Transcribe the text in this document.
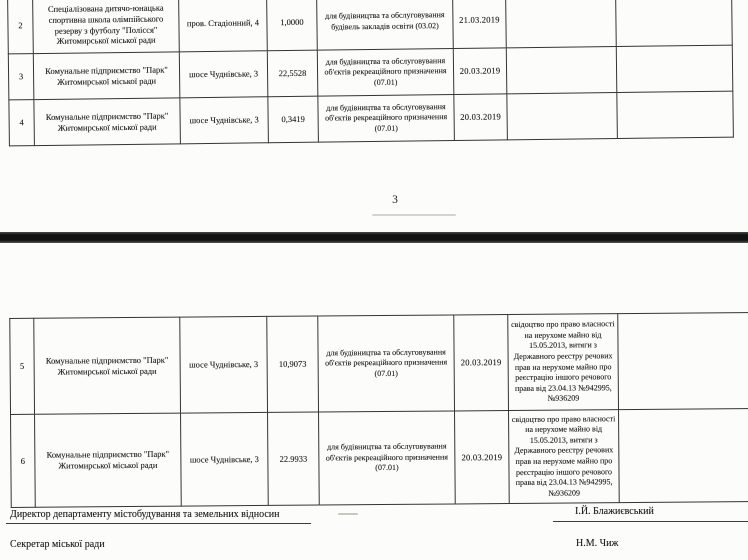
2	Спеціалізована дитячо-юнацька спортивна школа олімпійського резерву з футболу "Полісся" Житомирської міської ради	пров. Стадіонний, 4	1,0000	для будівництва та обслуговування будівель закладів освіти (03.02)	21.03.2019		
3	Комунальне підприємство "Парк" Житомирської міської ради	шосе Чуднівське, 3	22,5528	для будівництва та обслуговування об'єктів рекреаційного призначення (07.01)	20.03.2019		
4	Комунальне підприємство "Парк" Житомирської міської ради	шосе Чуднівське, 3	0,3419	для будівництва та обслуговування об'єктів рекреаційного призначення (07.01)	20.03.2019		
3
5	Комунальне підприємство "Парк" Житомирської міської ради	шосе Чуднівське, 3	10,9073	для будівництва та обслуговування об'єктів рекреаційного призначення (07.01)	20.03.2019	свідоцтво про право власності на нерухоме майно від 15.05.2013, витяги з Державного реєстру речових прав на нерухоме майно про реєстрацію іншого речового права від 23.04.13 №942995, №936209	
6	Комунальне підприємство "Парк" Житомирської міської ради	шосе Чуднівське, 3	22.9933	для будівництва та обслуговування об'єктів рекреаційного призначення (07.01)	20.03.2019	свідоцтво про право власності на нерухоме майно від 15.05.2013, витяги з Державного реєстру речових прав на нерухоме майно про реєстрацію іншого речового права від 23.04.13 №942995, №936209	
Директор департаменту містобудування та земельних відносин	І.Й. Блажиєвський
Секретар міської ради	Н.М. Чиж
